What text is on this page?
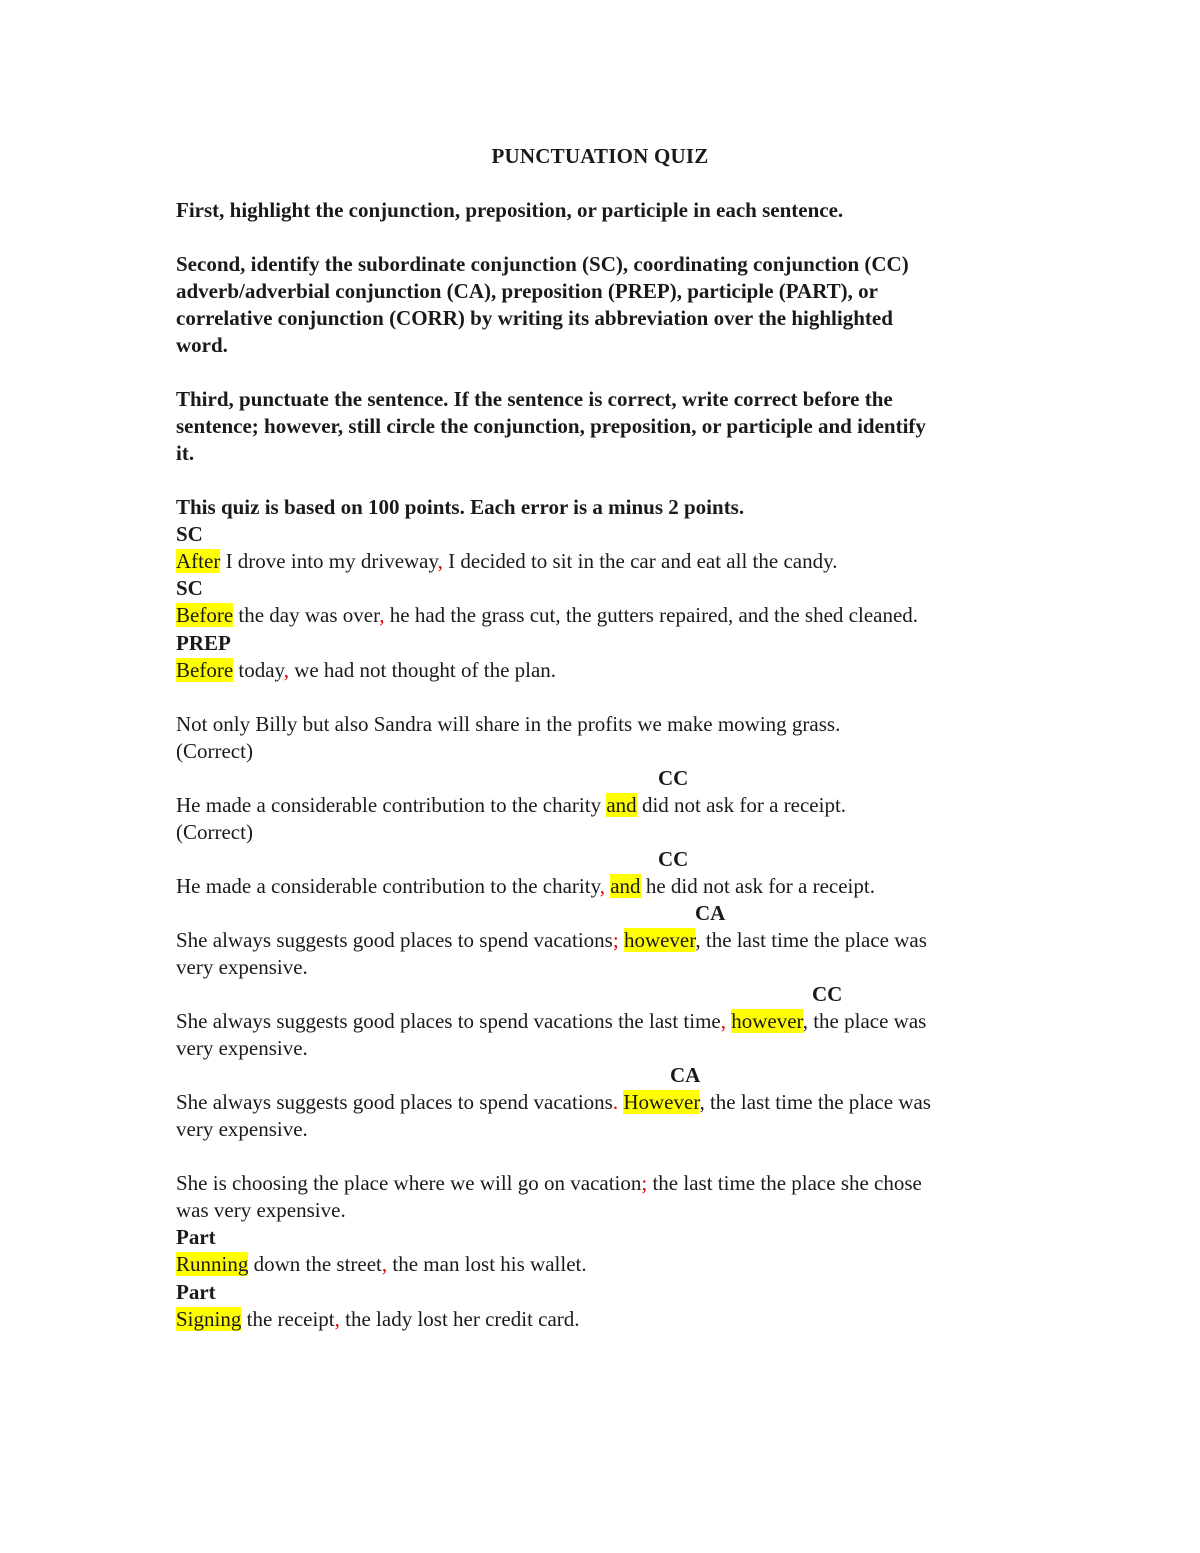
PUNCTUATION QUIZ
First, highlight the conjunction, preposition, or participle in each sentence.
Second, identify the subordinate conjunction (SC), coordinating conjunction (CC)
adverb/adverbial conjunction (CA), preposition (PREP), participle (PART), or
correlative conjunction (CORR) by writing its abbreviation over the highlighted
word.
Third, punctuate the sentence. If the sentence is correct, write correct before the
sentence; however, still circle the conjunction, preposition, or participle and identify
it.
This quiz is based on 100 points. Each error is a minus 2 points.
SC
After I drove into my driveway, I decided to sit in the car and eat all the candy.
SC
Before the day was over, he had the grass cut, the gutters repaired, and the shed cleaned.
PREP
Before today, we had not thought of the plan.
Not only Billy but also Sandra will share in the profits we make mowing grass.
(Correct)
CC
He made a considerable contribution to the charity and did not ask for a receipt.
(Correct)
CC
He made a considerable contribution to the charity, and he did not ask for a receipt.
CA
She always suggests good places to spend vacations; however, the last time the place was
very expensive.
CC
She always suggests good places to spend vacations the last time, however, the place was
very expensive.
CA
She always suggests good places to spend vacations. However, the last time the place was
very expensive.
She is choosing the place where we will go on vacation; the last time the place she chose
was very expensive.
Part
Running down the street, the man lost his wallet.
Part
Signing the receipt, the lady lost her credit card.
